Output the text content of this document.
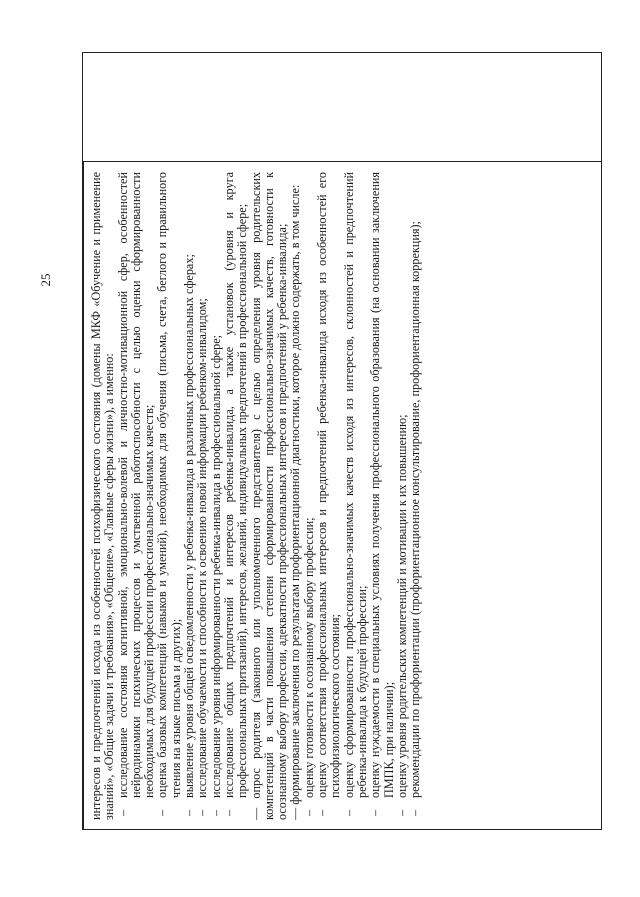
25	интересов и предпочтений исхода из особенностей психофизического состояния (домены МКФ «Обучение и применение знаний», «Общие задачи и требования», «Общение», «Главные сферы жизни»), а именно: –
исследование состояния когнитивной, эмоционально-волевой и личностно-мотивационной сфер, особенностей нейродинамики психических процессов и умственной работоспособности с целью оценки сформированности необходимых для будущей профессии профессионально-значимых качеств;
–
оценка базовых компетенций (навыков и умений), необходимых для обучения (письма, счета, беглого и правильного чтения на языке письма и других);
–
выявление уровня общей осведомленности у ребенка-инвалида в различных профессиональных сферах;
–
исследование обучаемости и способности к освоению новой информации ребенком-инвалидом;
–
исследование уровня информированности ребенка-инвалида в профессиональной сфере;
–
исследование общих предпочтений и интересов ребенка-инвалида, а также установок (уровня и круга профессиональных притязаний), интересов, желаний, индивидуальных предпочтений в профессиональной сфере; — опрос родителя (законного или уполномоченного представителя) с целью определения уровня родительских компетенций в части повышения степени сформированности профессионально-значимых качеств, готовности к осознанному выбору профессии, адекватности профессиональных интересов и предпочтений у ребенка-инвалида; — формирование заключения по результатам профориентационной диагностики, которое должно содержать, в том числе: –
оценку готовности к осознанному выбору профессии;
–
оценку соответствия профессиональных интересов и предпочтений ребенка-инвалида исходя из особенностей его психофизиологического состояния;
–
оценку сформированности профессионально-значимых качеств исходя из интересов, склонностей и предпочтений ребенка-инвалида к будущей профессии;
–
оценку нуждаемости в специальных условиях получения профессионального образования (на основании заключения ПМПК, при наличии);
–
оценку уровня родительских компетенций и мотивации к их повышению;
–
рекомендации по профориентации (профориентационное консультирование, профориентационная коррекция);
